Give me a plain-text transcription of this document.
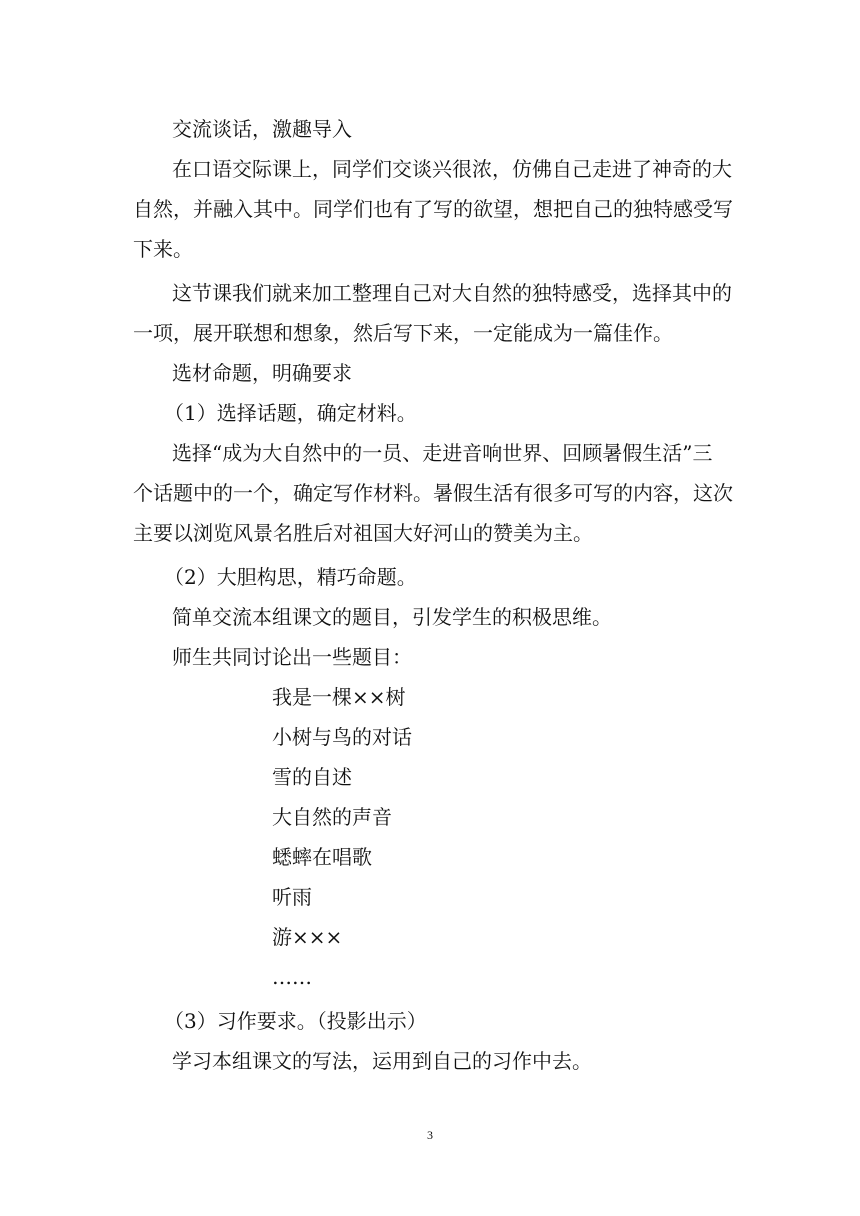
交流谈话，激趣导入
在口语交际课上，同学们交谈兴很浓，仿佛自己走进了神奇的大
自然，并融入其中。同学们也有了写的欲望，想把自己的独特感受写
下来。
这节课我们就来加工整理自己对大自然的独特感受，选择其中的
一项，展开联想和想象，然后写下来，一定能成为一篇佳作。
选材命题，明确要求
（1）选择话题，确定材料。
选择“成为大自然中的一员、走进音响世界、回顾暑假生活”三
个话题中的一个，确定写作材料。暑假生活有很多可写的内容，这次
主要以浏览风景名胜后对祖国大好河山的赞美为主。
（2）大胆构思，精巧命题。
简单交流本组课文的题目，引发学生的积极思维。
师生共同讨论出一些题目：
我是一棵××树
小树与鸟的对话
雪的自述
大自然的声音
蟋蟀在唱歌
听雨
游×××
……
（3）习作要求。（投影出示）
学习本组课文的写法，运用到自己的习作中去。
3
